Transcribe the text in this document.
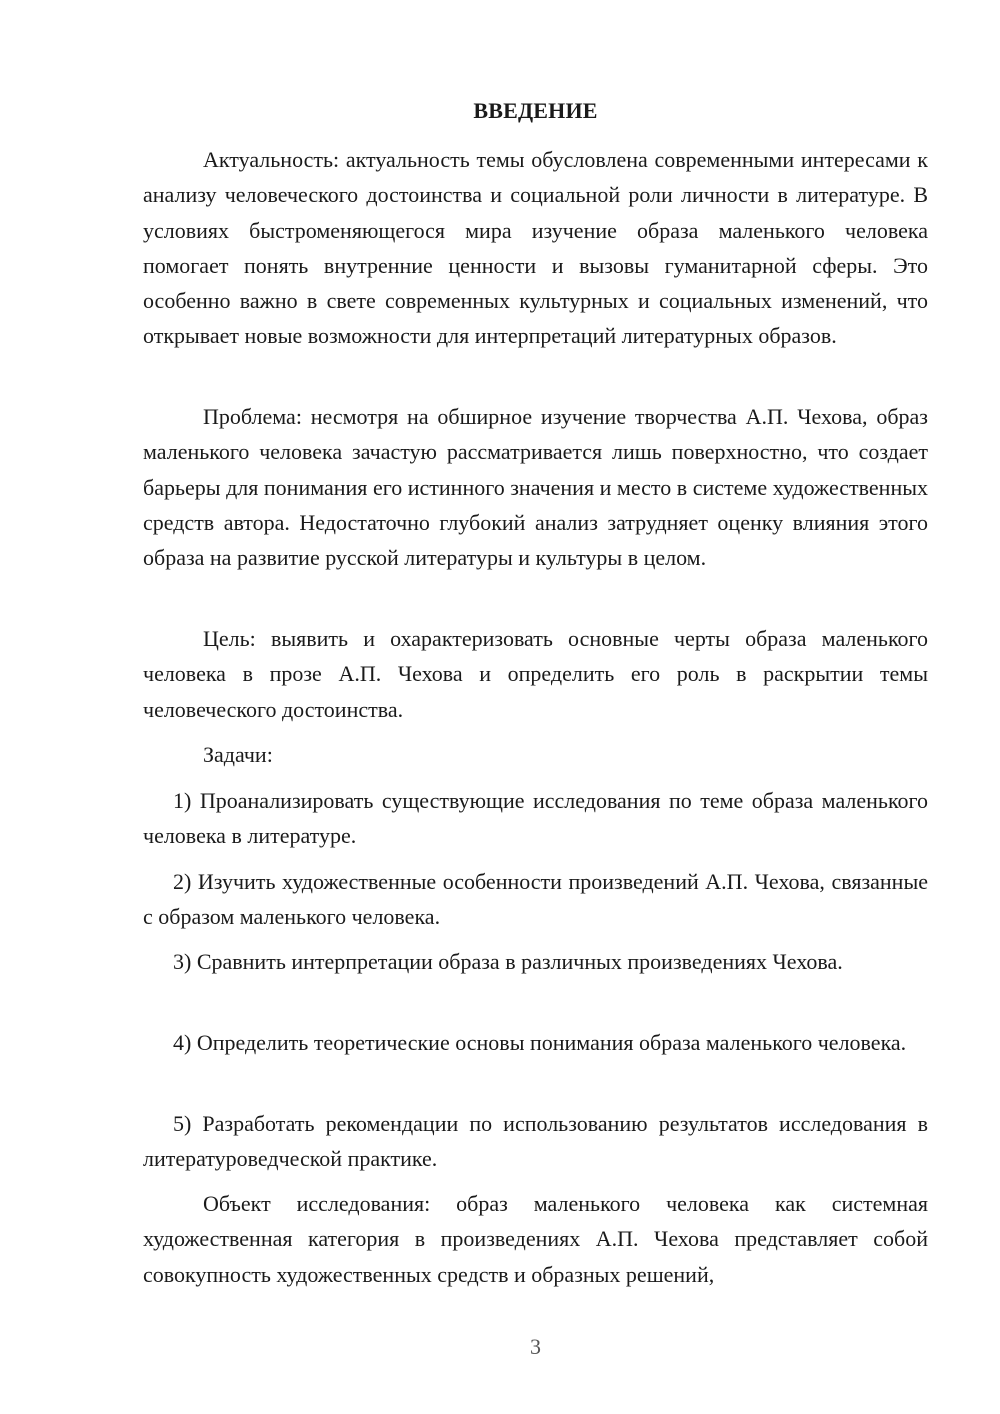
ВВЕДЕНИЕ

Актуальность: актуальность темы обусловлена современными интересами к анализу человеческого достоинства и социальной роли личности в литературе. В условиях быстроменяющегося мира изучение образа маленького человека помогает понять внутренние ценности и вызовы гуманитарной сферы. Это особенно важно в свете современных культурных и социальных изменений, что открывает новые возможности для интерпретаций литературных образов.

Проблема: несмотря на обширное изучение творчества А.П. Чехова, образ маленького человека зачастую рассматривается лишь поверхностно, что создает барьеры для понимания его истинного значения и место в системе художественных средств автора. Недостаточно глубокий анализ затрудняет оценку влияния этого образа на развитие русской литературы и культуры в целом.

Цель: выявить и охарактеризовать основные черты образа маленького человека в прозе А.П. Чехова и определить его роль в раскрытии темы человеческого достоинства.

Задачи:

1) Проанализировать существующие исследования по теме образа маленького человека в литературе.

2) Изучить художественные особенности произведений А.П. Чехова, связанные с образом маленького человека.

3) Сравнить интерпретации образа в различных произведениях Чехова.

4) Определить теоретические основы понимания образа маленького человека.

5) Разработать рекомендации по использованию результатов исследования в литературоведческой практике.

Объект исследования: образ маленького человека как системная художественная категория в произведениях А.П. Чехова представляет собой совокупность художественных средств и образных решений,

3
